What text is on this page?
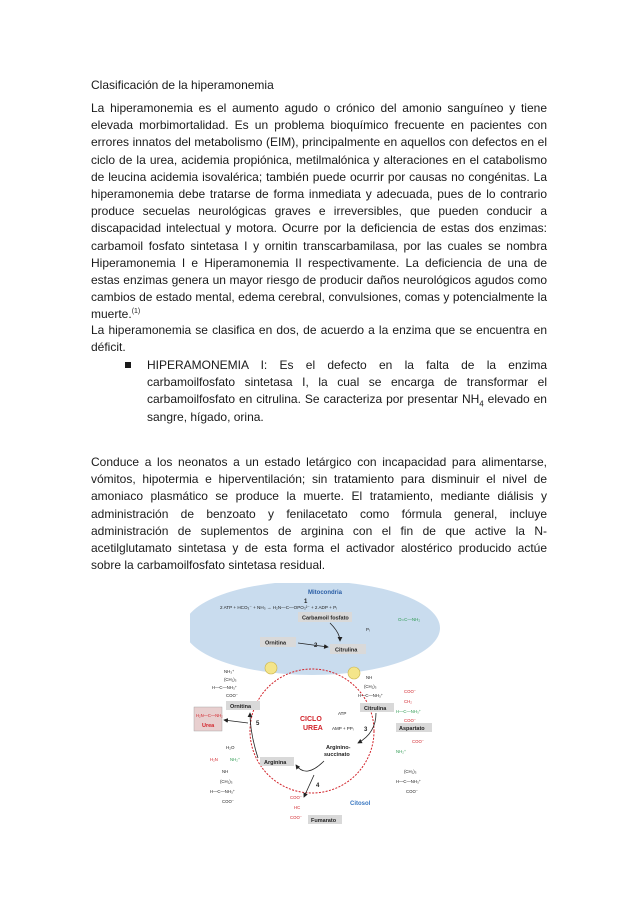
Clasificación de la hiperamonemia

La hiperamonemia es el aumento agudo o crónico del amonio sanguíneo y tiene elevada morbimortalidad. Es un problema bioquímico frecuente en pacientes con errores innatos del metabolismo (EIM), principalmente en aquellos con defectos en el ciclo de la urea, acidemia propiónica, metilmalónica y alteraciones en el catabolismo de leucina acidemia isovalérica; también puede ocurrir por causas no congénitas. La hiperamonemia debe tratarse de forma inmediata y adecuada, pues de lo contrario produce secuelas neurológicas graves e irreversibles, que pueden conducir a discapacidad intelectual y motora. Ocurre por la deficiencia de estas dos enzimas: carbamoil fosfato sintetasa I y ornitin transcarbamilasa, por las cuales se nombra Hiperamonemia I e Hiperamonemia II respectivamente. La deficiencia de una de estas enzimas genera un mayor riesgo de producir daños neurológicos agudos como cambios de estado mental, edema cerebral, convulsiones, comas y potencialmente la muerte.$^{(1)}$

La hiperamonemia se clasifica en dos, de acuerdo a la enzima que se encuentra en déficit.

HIPERAMONEMIA I: Es el defecto en la falta de la enzima carbamoilfosfato sintetasa I, la cual se encarga de transformar el carbamoilfosfato en citrulina. Se caracteriza por presentar $NH_4$ elevado en sangre, hígado, orina.

Conduce a los neonatos a un estado letárgico con incapacidad para alimentarse, vómitos, hipotermia e hiperventilación; sin tratamiento para disminuir el nivel de amoniaco plasmático se produce la muerte. El tratamiento, mediante diálisis y administración de benzoato y fenilacetato como fórmula general, incluye administración de suplementos de arginina con el fin de que active la N-acetilglutamato sintetasa y de esta forma el activador alostérico producido actúe sobre la carbamoilfosfato sintetasa residual.

Mitocondria
2 ATP + HCO₃⁻ + NH₃ → H₂N—C—OPO₃²⁻ + 2 ADP + Pᵢ
1
Carbamoil fosfato	O=C—NH₂
Pᵢ
Ornitina
Citrulina
2
CICLO
UREA
NH₃⁺
(CH₂)₃
H—C—NH₃⁺
COO⁻
Ornitina
H₂N—C—NH₂
Urea	5
H₂O
Arginina
H₂N	NH₂⁺
NH
(CH₂)₃
H—C—NH₃⁺
COO⁻
Citrulina
NH
(CH₂)₃
H—C—NH₃⁺
ATP
AMP + PPᵢ 3	Aspartato
COO⁻
CH₂
H—C—NH₃⁺
COO⁻
Arginino-
succinato
COO⁻
NH₂⁺
(CH₂)₃
H—C—NH₃⁺
COO⁻
4
COO⁻
HC
COO⁻
Fumarato
Citosol
